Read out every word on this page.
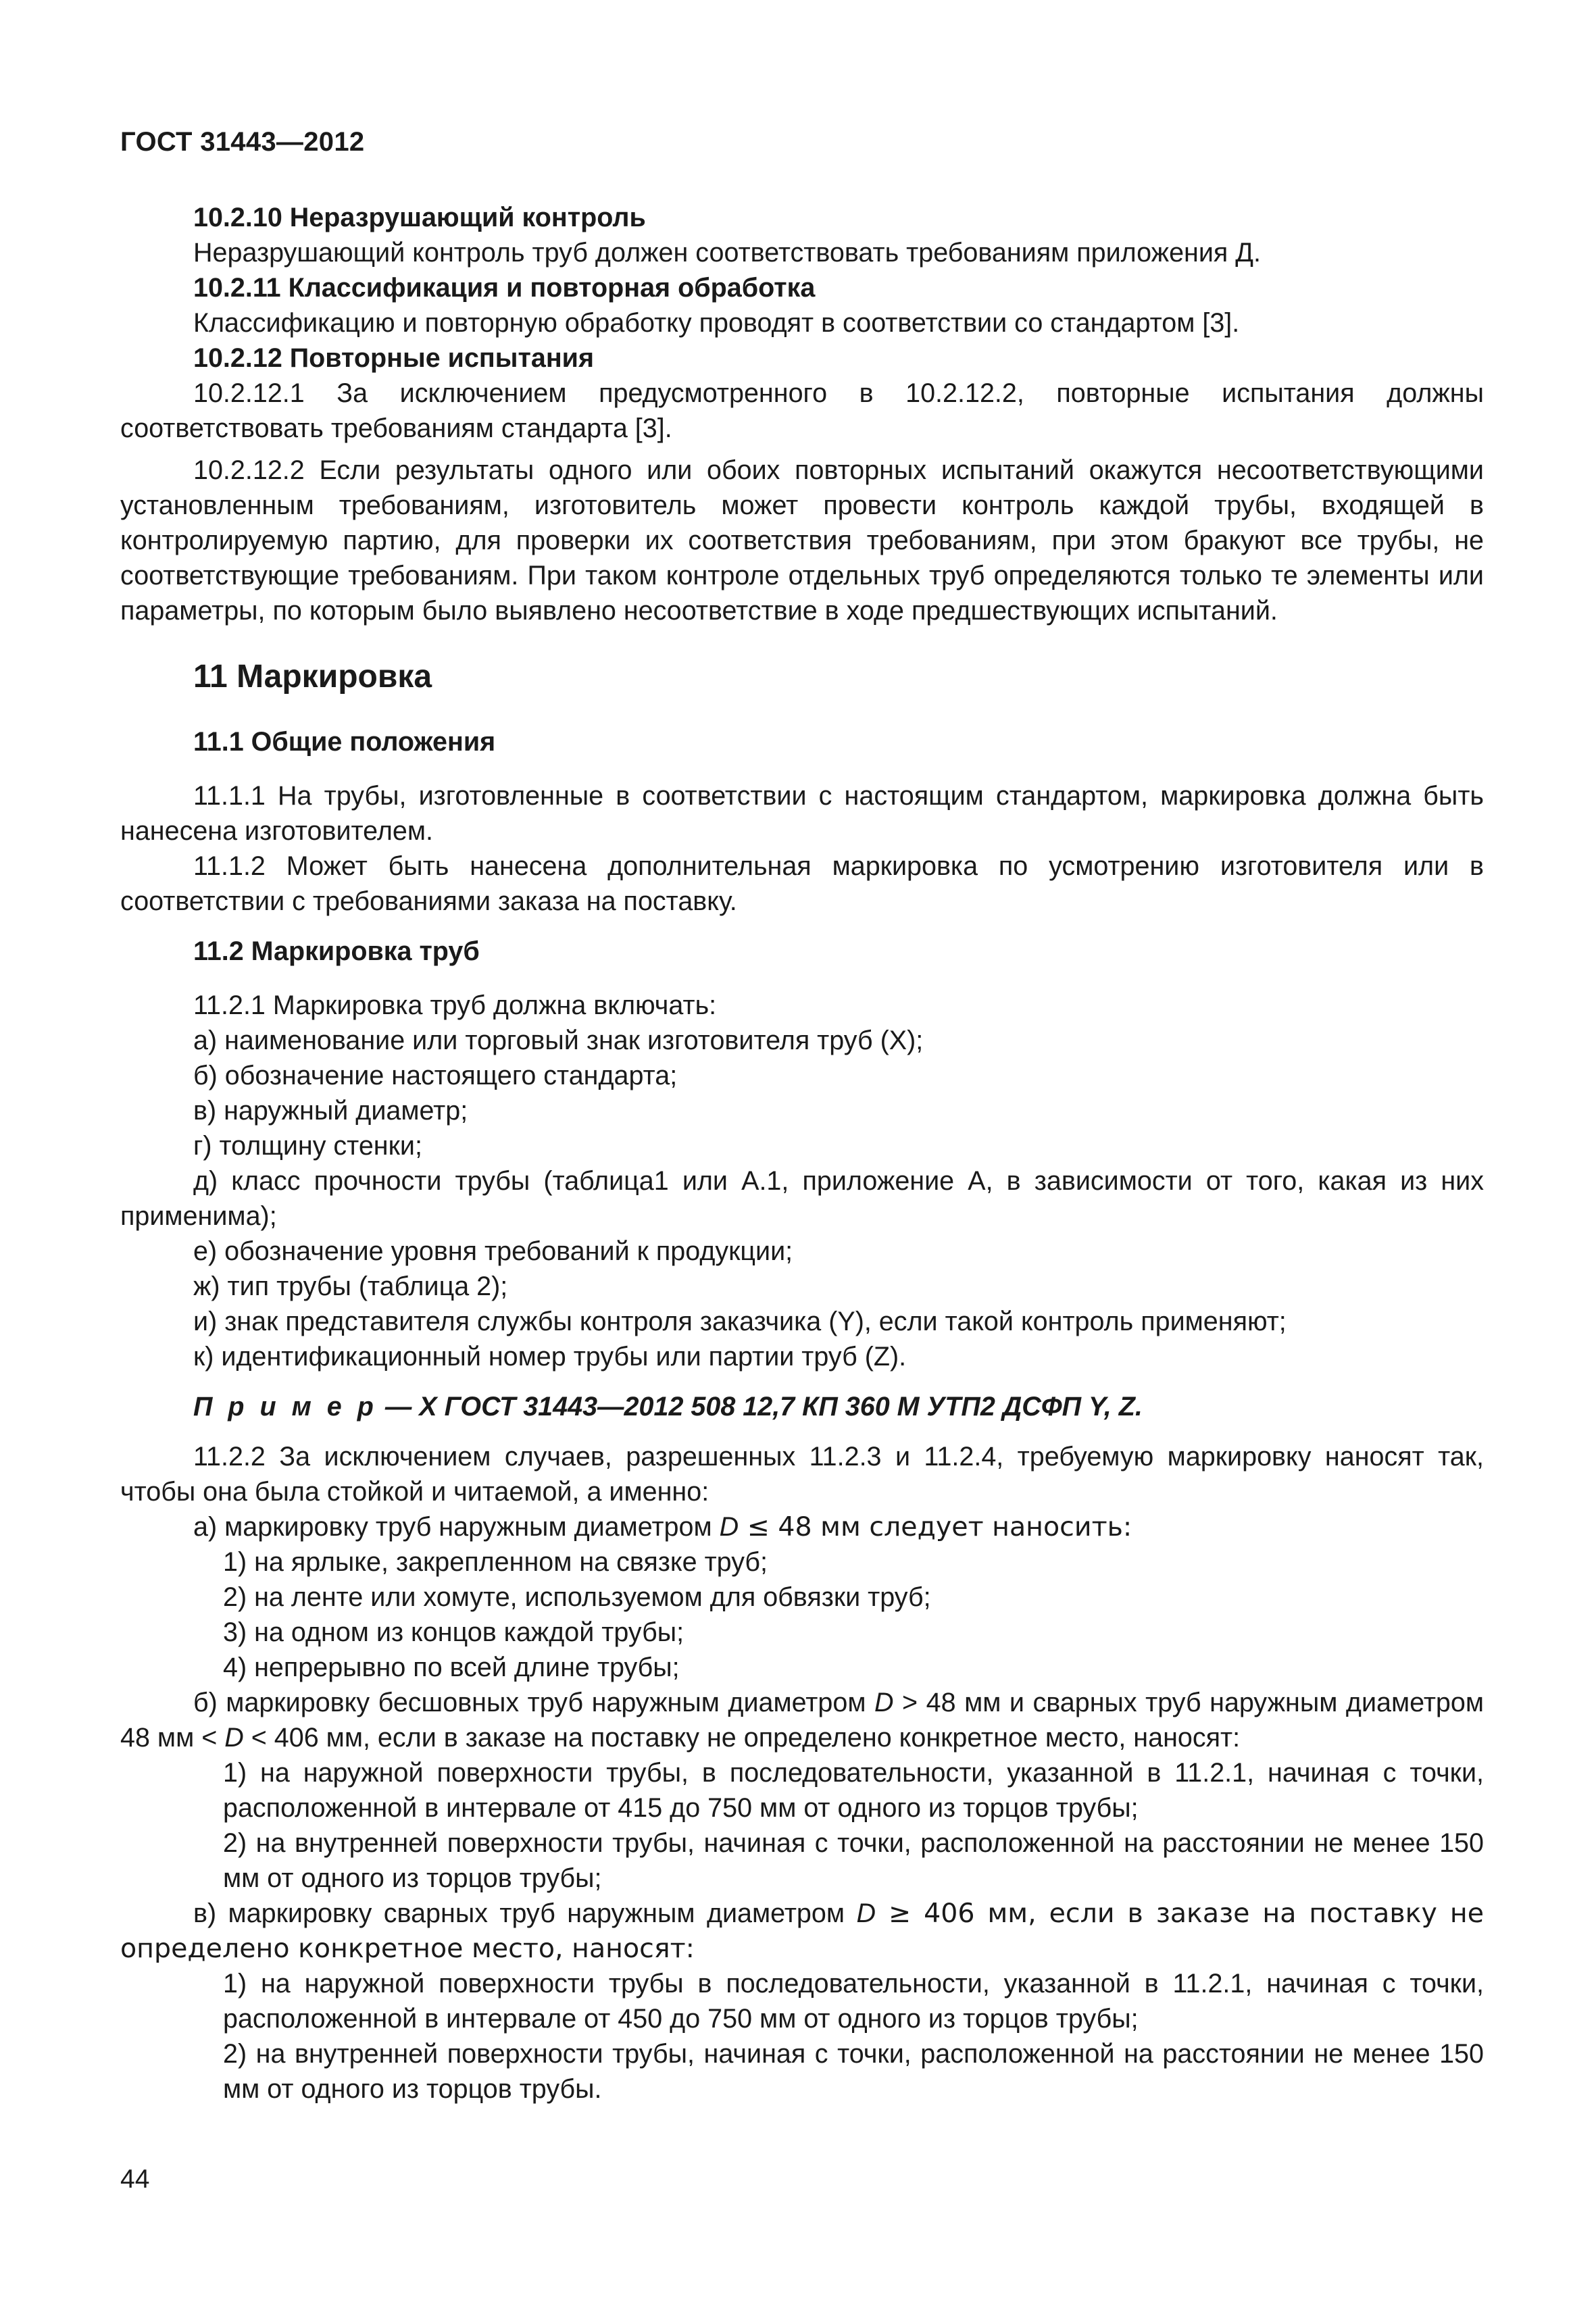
ГОСТ 31443—2012

10.2.10 Неразрушающий контроль

Неразрушающий контроль труб должен соответствовать требованиям приложения Д.

10.2.11 Классификация и повторная обработка

Классификацию и повторную обработку проводят в соответствии со стандартом [3].

10.2.12 Повторные испытания

10.2.12.1 За исключением предусмотренного в 10.2.12.2, повторные испытания должны соответствовать требованиям стандарта [3].

10.2.12.2 Если результаты одного или обоих повторных испытаний окажутся несоответствующими установленным требованиям, изготовитель может провести контроль каждой трубы, входящей в контролируемую партию, для проверки их соответствия требованиям, при этом бракуют все трубы, не соответствующие требованиям. При таком контроле отдельных труб определяются только те элементы или параметры, по которым было выявлено несоответствие в ходе предшествующих испытаний.

11 Маркировка

11.1 Общие положения

11.1.1 На трубы, изготовленные в соответствии с настоящим стандартом, маркировка должна быть нанесена изготовителем.

11.1.2 Может быть нанесена дополнительная маркировка по усмотрению изготовителя или в соответствии с требованиями заказа на поставку.

11.2 Маркировка труб

11.2.1 Маркировка труб должна включать:

а) наименование или торговый знак изготовителя труб (X);

б) обозначение настоящего стандарта;

в) наружный диаметр;

г) толщину стенки;

д) класс прочности трубы (таблица1 или А.1, приложение А, в зависимости от того, какая из них применима);

е) обозначение уровня требований к продукции;

ж) тип трубы (таблица 2);

и) знак представителя службы контроля заказчика (Y), если такой контроль применяют;

к) идентификационный номер трубы или партии труб (Z).

П р и м е р — X ГОСТ 31443—2012 508 12,7 КП 360 М УТП2 ДСФП Y, Z.

11.2.2 За исключением случаев, разрешенных 11.2.3 и 11.2.4, требуемую маркировку наносят так, чтобы она была стойкой и читаемой, а именно:

а) маркировку труб наружным диаметром D ≤ 48 мм следует наносить:

1) на ярлыке, закрепленном на связке труб;

2) на ленте или хомуте, используемом для обвязки труб;

3) на одном из концов каждой трубы;

4) непрерывно по всей длине трубы;

б) маркировку бесшовных труб наружным диаметром D > 48 мм и сварных труб наружным диаметром 48 мм < D < 406 мм, если в заказе на поставку не определено конкретное место, наносят:

1) на наружной поверхности трубы, в последовательности, указанной в 11.2.1, начиная с точки, расположенной в интервале от 415 до 750 мм от одного из торцов трубы;

2) на внутренней поверхности трубы, начиная с точки, расположенной на расстоянии не менее 150 мм от одного из торцов трубы;

в) маркировку сварных труб наружным диаметром D ≥ 406 мм, если в заказе на поставку не определено конкретное место, наносят:

1) на наружной поверхности трубы в последовательности, указанной в 11.2.1, начиная с точки, расположенной в интервале от 450 до 750 мм от одного из торцов трубы;

2) на внутренней поверхности трубы, начиная с точки, расположенной на расстоянии не менее 150 мм от одного из торцов трубы.

44
